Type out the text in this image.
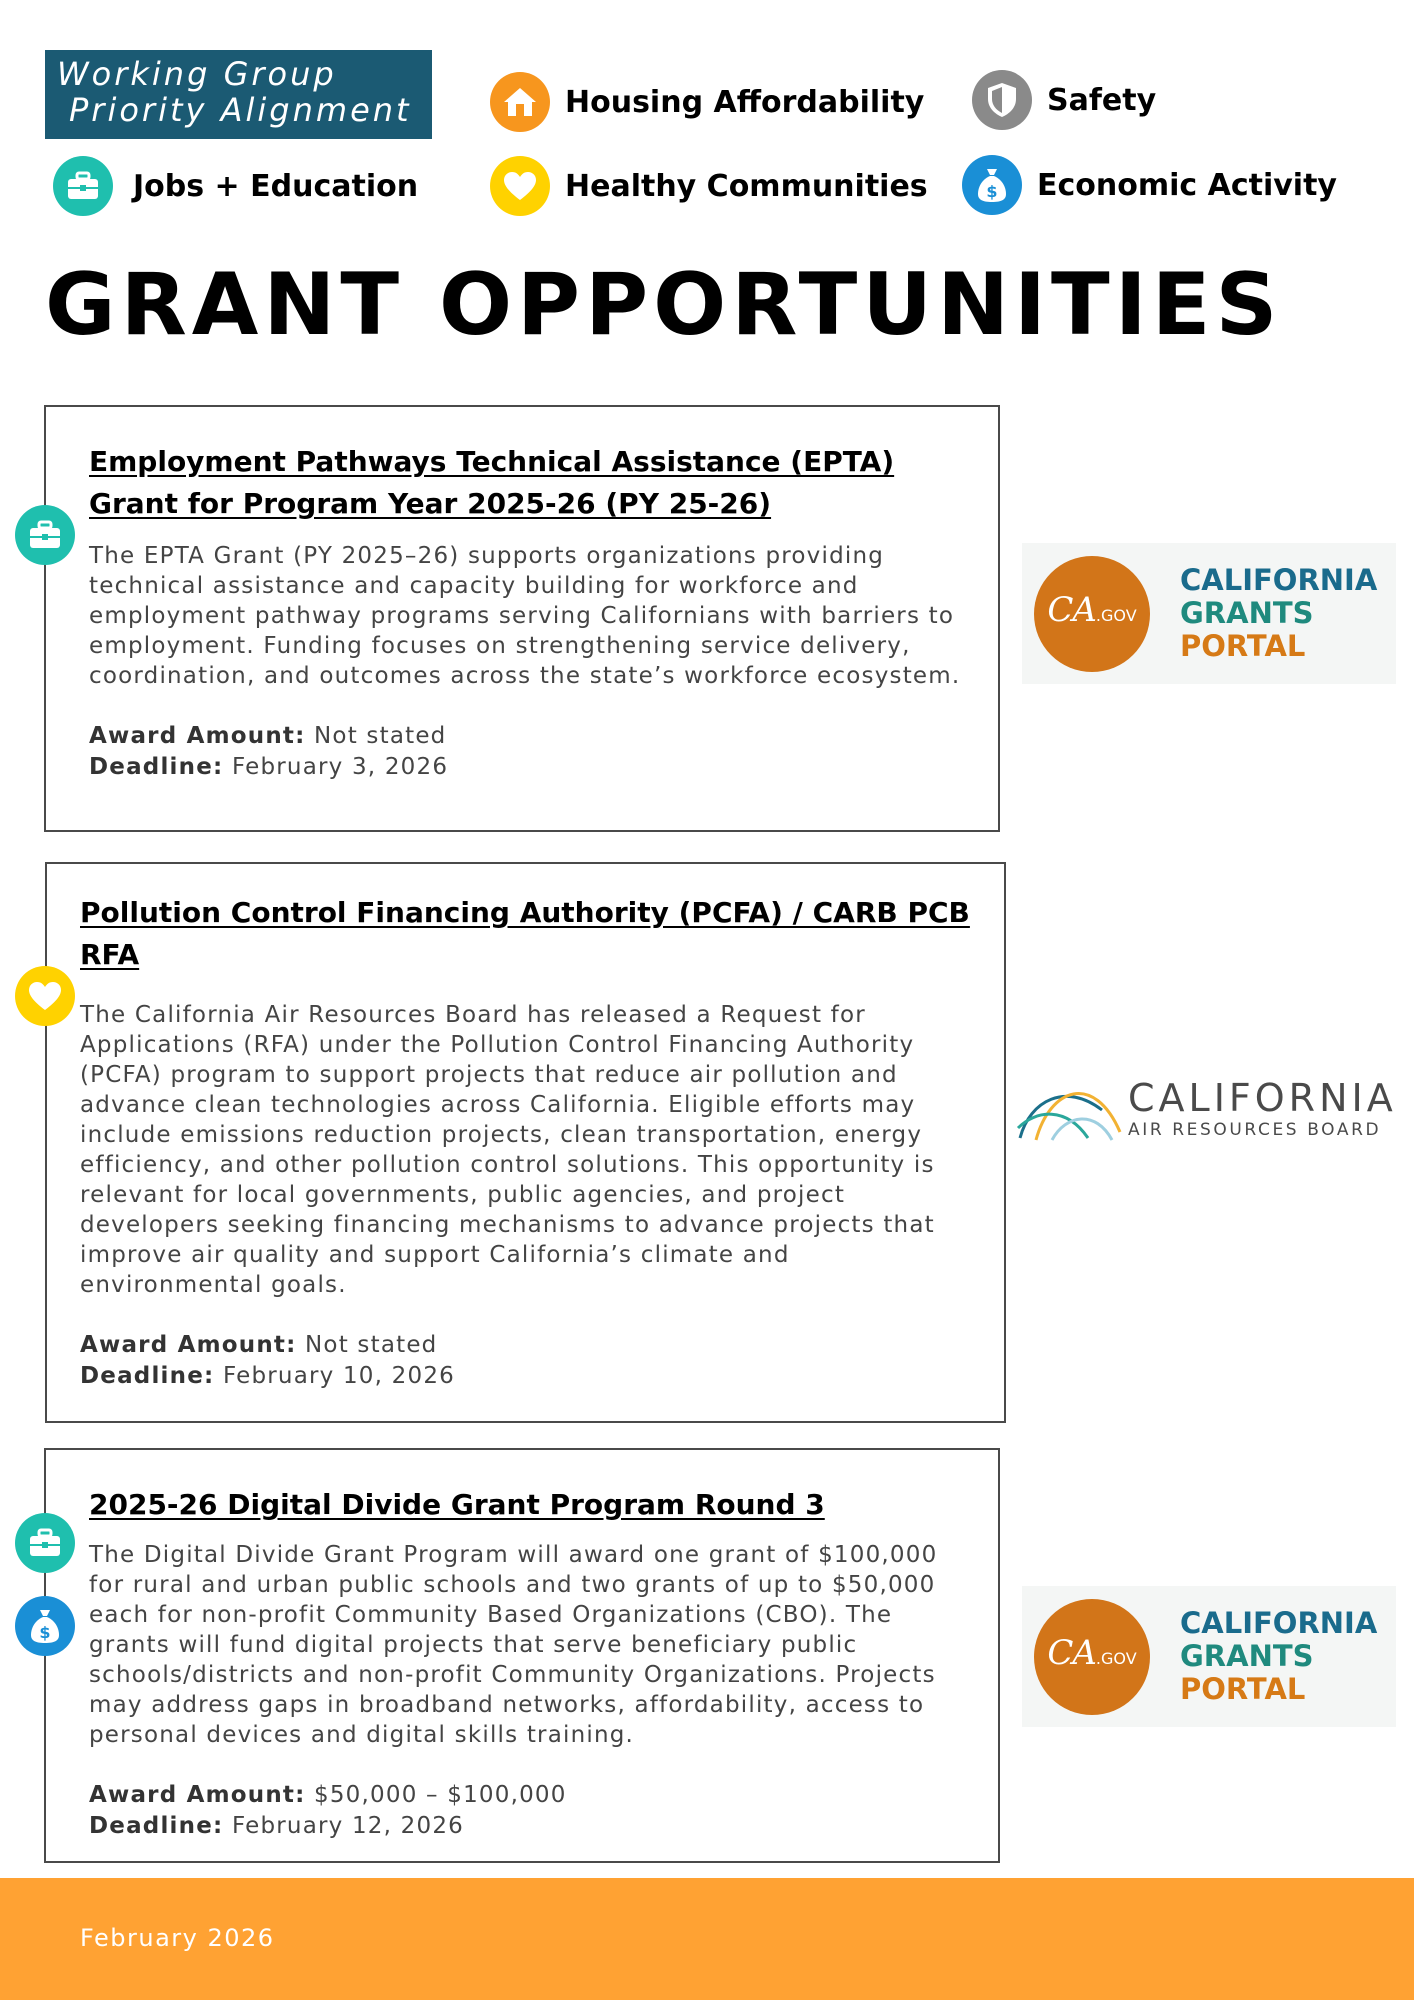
Working Group
Priority Alignment	Housing Affordability	Safety
Jobs + Education	Healthy Communities	$ Economic Activity
GRANT OPPORTUNITIES
Employment Pathways Technical Assistance (EPTA) Grant for Program Year 2025-26 (PY 25-26)
The EPTA Grant (PY 2025–26) supports organizations providing technical assistance and capacity building for workforce and employment pathway programs serving Californians with barriers to employment. Funding focuses on strengthening service delivery, coordination, and outcomes across the state’s workforce ecosystem.
Award Amount: Not stated
Deadline: February 3, 2026
CA.GOV
CALIFORNIA
GRANTS
PORTAL
Pollution Control Financing Authority (PCFA) / CARB PCB RFA
The California Air Resources Board has released a Request for Applications (RFA) under the Pollution Control Financing Authority (PCFA) program to support projects that reduce air pollution and advance clean technologies across California. Eligible efforts may include emissions reduction projects, clean transportation, energy efficiency, and other pollution control solutions. This opportunity is relevant for local governments, public agencies, and project developers seeking financing mechanisms to advance projects that improve air quality and support California’s climate and environmental goals.
Award Amount: Not stated
Deadline: February 10, 2026
CALIFORNIA
AIR RESOURCES BOARD
2025-26 Digital Divide Grant Program Round 3
The Digital Divide Grant Program will award one grant of $100,000 for rural and urban public schools and two grants of up to $50,000 each for non-profit Community Based Organizations (CBO). The grants will fund digital projects that serve beneficiary public schools/districts and non-profit Community Organizations. Projects may address gaps in broadband networks, affordability, access to personal devices and digital skills training.
Award Amount: $50,000 – $100,000
Deadline: February 12, 2026
$	CA.GOV
CALIFORNIA
GRANTS
PORTAL
February 2026
